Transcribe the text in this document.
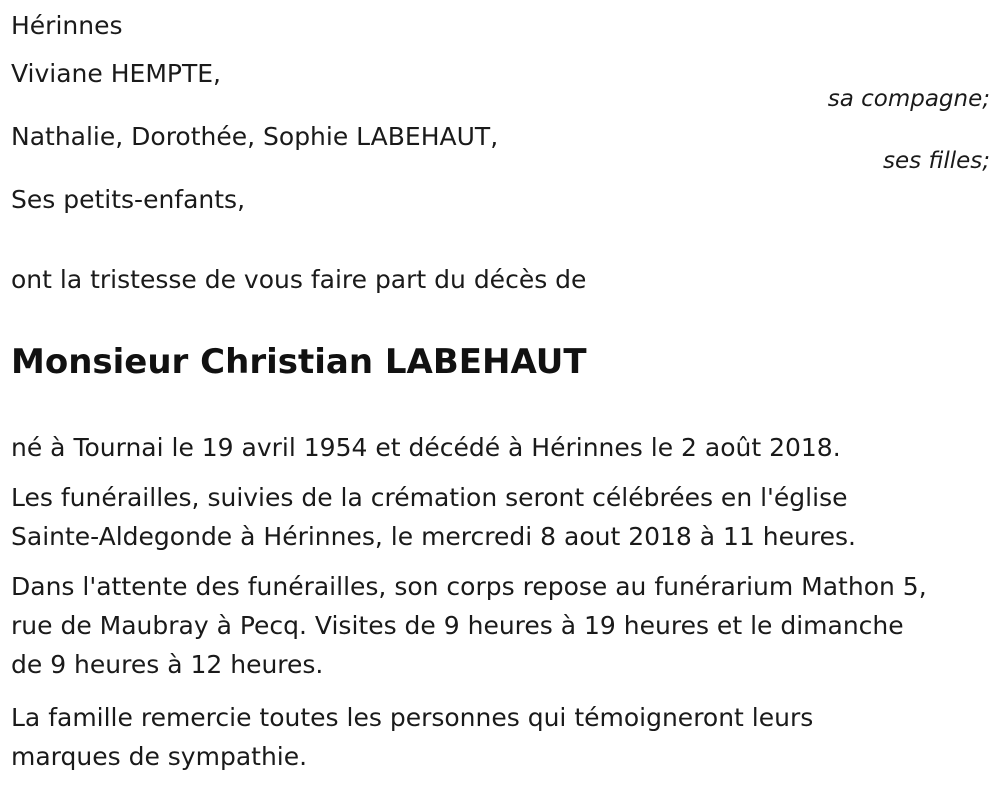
Hérinnes
Viviane HEMPTE,
sa compagne;
Nathalie, Dorothée, Sophie LABEHAUT,
ses filles;
Ses petits-enfants,
ont la tristesse de vous faire part du décès de
Monsieur Christian LABEHAUT
né à Tournai le 19 avril 1954 et décédé à Hérinnes le 2 août 2018.
Les funérailles, suivies de la crémation seront célébrées en l'église
Sainte-Aldegonde à Hérinnes, le mercredi 8 aout 2018 à 11 heures.
Dans l'attente des funérailles, son corps repose au funérarium Mathon 5,
rue de Maubray à Pecq. Visites de 9 heures à 19 heures et le dimanche
de 9 heures à 12 heures.
La famille remercie toutes les personnes qui témoigneront leurs
marques de sympathie.
